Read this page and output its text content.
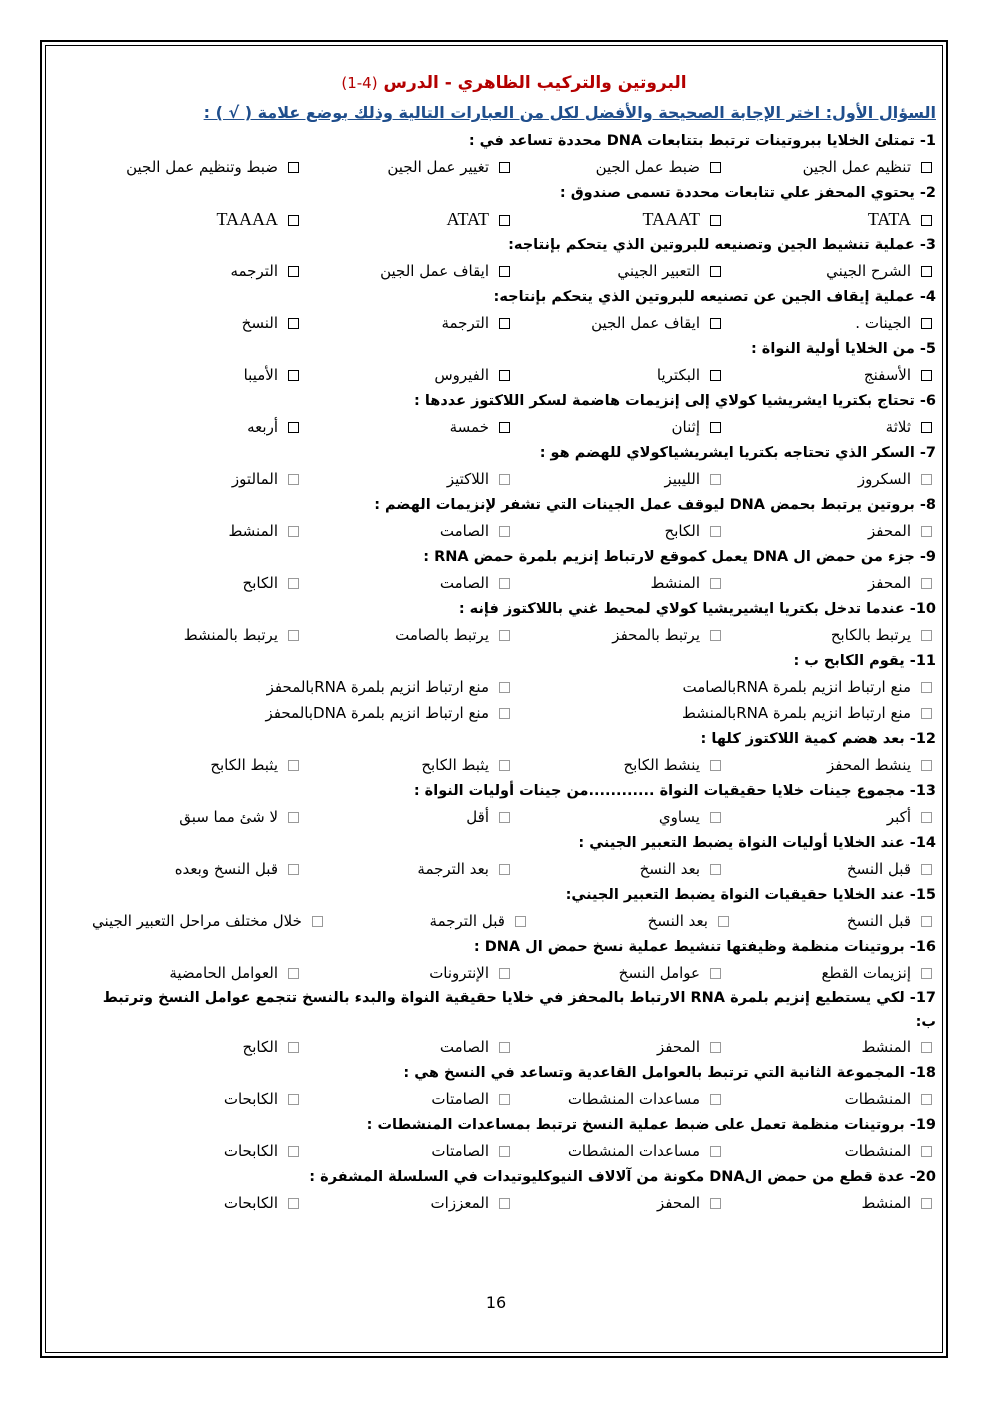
البروتين والتركيب الظاهري - الدرس (4-1)
السؤال الأول: اختر الإجابة الصحيحة والأفضل لكل من العبارات التالية وذلك بوضع علامة ( √ ) :
1- تمتلئ الخلايا ببروتينات ترتبط بتتابعات DNA محددة تساعد في :
تنظيم عمل الجين
ضبط عمل الجين
تغيير عمل الجين
ضبط وتنظيم عمل الجين
2- يحتوي المحفز علي تتابعات محددة تسمى صندوق :
TATA
TAAAT
ATAT
TAAAA
3- عملية تنشيط الجين وتصنيعه للبروتين الذي يتحكم بإنتاجه:
الشرح الجيني
التعبير الجيني
ايقاف عمل الجين
الترجمه
4- عملية إيقاف الجين عن تصنيعه للبروتين الذي يتحكم بإنتاجه:
الجينات .
ايقاف عمل الجين
الترجمة
النسخ
5- من الخلايا أولية النواة :
الأسفنج
البكتريا
الفيروس
الأميبا
6- تحتاج بكتريا ايشريشيا كولاي إلى إنزيمات هاضمة لسكر اللاكتوز عددها :
ثلاثة
إثنان
خمسة
أربعه
7- السكر الذي تحتاجه بكتريا ايشريشياكولاي للهضم هو :
السكروز
الليبيز
اللاكتيز
المالتوز
8- بروتين يرتبط بحمض DNA ليوقف عمل الجينات التي تشفر لإنزيمات الهضم :
المحفز
الكابح
الصامت
المنشط
9- جزء من حمض ال DNA يعمل كموقع لارتباط إنزيم بلمرة حمض RNA :
المحفز
المنشط
الصامت
الكابح
10- عندما تدخل بكتريا ايشيريشيا كولاي لمحيط غني باللاكتوز فإنه :
يرتبط بالكابح
يرتبط بالمحفز
يرتبط بالصامت
يرتبط بالمنشط
11- يقوم الكابح ب :
منع ارتباط انزيم بلمرة RNAبالصامت
منع ارتباط انزيم بلمرة RNAبالمحفز
منع ارتباط انزيم بلمرة RNAبالمنشط
منع ارتباط انزيم بلمرة DNAبالمحفز
12- بعد هضم كمية اللاكتوز كلها :
ينشط المحفز
ينشط الكابح
يثبط الكابح
يثبط الكابح
13- مجموع جينات خلايا حقيقيات النواة ............من جينات أوليات النواة :
أكبر
يساوي
أقل
لا شئ مما سبق
14- عند الخلايا أوليات النواة يضبط التعبير الجيني :
قبل النسخ
بعد النسخ
بعد الترجمة
قبل النسخ وبعده
15- عند الخلايا حقيقيات النواة يضبط التعبير الجيني:
قبل النسخ
بعد النسخ
قبل الترجمة
خلال مختلف مراحل التعبير الجيني
16- بروتينات منظمة وظيفتها تنشيط عملية نسخ حمض ال DNA :
إنزيمات القطع
عوامل النسخ
الإنترونات
العوامل الحامضية
17- لكي يستطيع إنزيم بلمرة RNA الارتباط بالمحفز في خلايا حقيقية النواة والبدء بالنسخ تتجمع عوامل النسخ وترتبط ب:
المنشط
المحفز
الصامت
الكابح
18- المجموعة الثانية التي ترتبط بالعوامل القاعدية وتساعد في النسخ هي :
المنشطات
مساعدات المنشطات
الصامتات
الكابحات
19- بروتينات منظمة تعمل على ضبط عملية النسخ ترتبط بمساعدات المنشطات :
المنشطات
مساعدات المنشطات
الصامتات
الكابحات
20- عدة قطع من حمض الDNA مكونة من آلالاف النيوكليوتيدات في السلسلة المشفرة :
المنشط
المحفز
المعززات
الكابحات
16
